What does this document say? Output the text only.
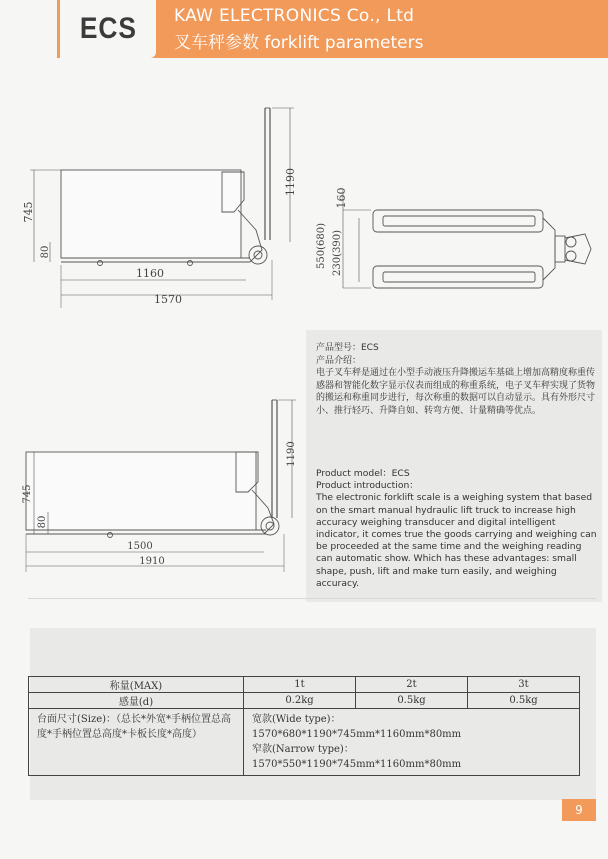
ECS KAW ELECTRONICS Co., Ltd
叉车秤参数 forklift parameters
745
80
1190
1160
1570
160
550(680) 230(390)
745
80
1190
1500
1910

产品型号：ECS

产品介绍：

电子叉车秤是通过在小型手动液压升降搬运车基础上增加高精度称重传感器和智能化数字显示仪表而组成的称重系统，电子叉车秤实现了货物的搬运和称重同步进行，每次称重的数据可以自动显示。具有外形尺寸小、推行轻巧、升降自如、转弯方便、计量精确等优点。

Product model：ECS

Product introduction：

The electronic forklift scale is a weighing system that based on the smart manual hydraulic lift truck to increase high accuracy weighing transducer and digital intelligent indicator, it comes true the goods carrying and weighing can be proceeded at the same time and the weighing reading can automatic show. Which has these advantages: small shape, push, lift and make turn easily, and weighing accuracy.

称量(MAX)	1t	2t	3t
感量(d)	0.2kg	0.5kg	0.5kg
台面尺寸(Size)：（总长*外宽*手柄位置总高度*手柄位置总高度*卡板长度*高度）	宽款(Wide type)：
1570*680*1190*745mm*1160mm*80mm
窄款(Narrow type)：
1570*550*1190*745mm*1160mm*80mm		
9
